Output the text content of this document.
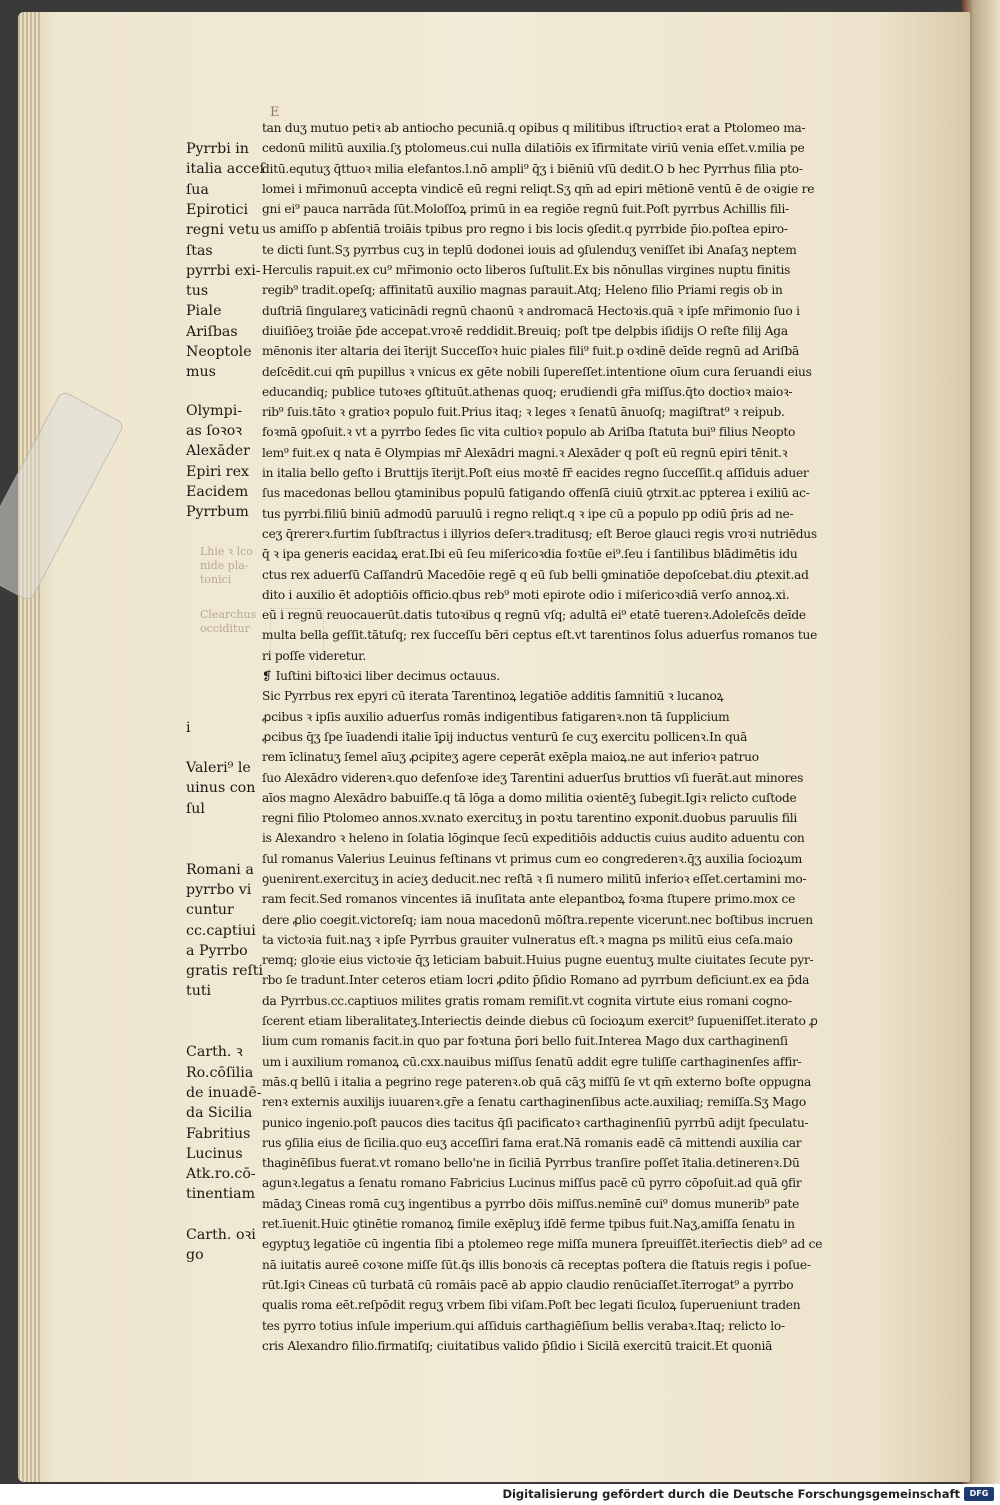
E
Lhie ꝛ lco
nide pla-
tonici
Clearchus
occiditur
Pyrrbi in
italia acceſ
ſua
Epirotici
regni vetu
ſtas
pyrrbi exi-
tus
Piale
Ariſbas
Neoptole
mus
Olympi-
as ſoꝛoꝛ
Alexāder
Epiri rex
Eacidem
Pyrrbum
i
Valeri⁹ le
uinus con
ſul
Romani a
pyrrbo vi
cuntur
cc.captiui
a Pyrrbo
gratis reſti
tuti
Carth. ꝛ
Ro.cōſilia
de inuadē-
da Sicilia
Fabritius
Lucinus
Atk.ro.cō-
tinentiam
Carth. oꝛi
go
tan duʒ mutuo petiꝛ ab antiocho pecuniā.q opibus q militibus iſtructioꝛ erat a Ptolomeo ma-
cedonū militū auxilia.ſʒ ptolomeus.cui nulla dilatiōis ex īfirmitate viriū venia eſſet.v.milia pe
ditū.equtuʒ q̄ttuoꝛ milia elefantos.l.nō ampli⁹ q̄ʒ i biēniū vſū dedit.O b hec Pyrrhus filia pto-
lomei i mr̄imonuū accepta vindicē eū regni reliqt.Sʒ qm̄ ad epiri mētionē ventū ē de oꝛigie re
gni ei⁹ pauca narrāda ſūt.Moloſſoꝝ primū in ea regiōe regnū fuit.Poſt pyrrbus Achillis fili-
us amiſſo p abſentiā troiāis tpibus pro regno i bis locis ꝯſedit.q pyrrbide p̄io.poſtea epiro-
te dicti ſunt.Sʒ pyrrbus cuʒ in teplū dodonei iouis ad ꝯſulenduʒ veniſſet ibi Anaſaʒ neptem
Herculis rapuit.ex cu⁹ mr̄imonio octo liberos ſuſtulit.Ex bis nōnullas virgines nuptu finitis
regib⁹ tradit.opeſq; affinitatū auxilio magnas parauit.Atq; Heleno filio Priami regis ob in
duſtriā ſingulareʒ vaticinādi regnū chaonū ꝛ andromacā Hectoꝛis.quā ꝛ ipſe mr̄imonio ſuo i
diuiſiōeʒ troiāe p̄de accepat.vroꝛē reddidit.Breuiq; poſt tpe delpbis iſidijs O reſte filij Aga
mēnonis iter altaria dei īterijt Succeſſoꝛ huic piales fili⁹ fuit.p oꝛdinē deīde regnū ad Ariſbā
deſcēdit.cui qm̄ pupillus ꝛ vnicus ex gēte nobili ſupereſſet.intentione oīum cura ſeruandi eius
educandiq; publice tutoꝛes ꝯſtituūt.athenas quoq; erudiendi gr̄a miſſus.q̄to doctioꝛ maioꝛ-
rib⁹ ſuis.tāto ꝛ gratioꝛ populo fuit.Prius itaq; ꝛ leges ꝛ ſenatū ānuoſq; magiſtrat⁹ ꝛ reipub.
foꝛmā ꝯpoſuit.ꝛ vt a pyrrbo ſedes ſic vita cultioꝛ populo ab Ariſba ſtatuta bui⁹ filius Neopto
lem⁹ fuit.ex q nata ē Olympias mr̄ Alexādri magni.ꝛ Alexāder q poſt eū regnū epiri tēnit.ꝛ
in italia bello geſto i Bruttijs īterijt.Poſt eius moꝛtē fr̄ eacides regno ſucceſſit.q aſſiduis aduer
ſus macedonas bellou ꝯtaminibus populū fatigando offenſā ciuiū ꝯtrxit.ac ppterea i exiliū ac-
tus pyrrbi.filiū biniū admodū paruulū i regno reliqt.q ꝛ ipe cū a populo pp odiū p̄ris ad ne-
ceʒ q̄rererꝛ.furtim ſubſtractus i illyrios deſerꝛ.traditusq; eſt Beroe glauci regis vroꝛi nutriēdus
q̄ ꝛ ipa generis eacidaꝝ erat.Ibi eū ſeu miſericoꝛdia foꝛtūe ei⁹.ſeu i ſantilibus blādimētis idu
ctus rex aduerſū Caſſandrū Macedōie regē q eū ſub belli ꝯminatiōe depoſcebat.diu ꝓtexit.ad
dito i auxilio ēt adoptiōis officio.qbus reb⁹ moti epirote odio i miſericoꝛdiā verſo annoꝝ.xi.
eū i regnū reuocauerūt.datis tutoꝛibus q regnū vſq; adultā ei⁹ etatē tuerenꝛ.Adoleſcēs deīde
multa bella geſſit.tātuſq; rex ſucceſſu bēri ceptus eſt.vt tarentinos ſolus aduerſus romanos tue
ri poſſe videretur.
❡ Iuſtini biſtoꝛici liber decimus octauus.
Sic Pyrrbus rex epyri cū iterata Tarentinoꝝ legatiōe additis ſamnitiū ꝛ lucanoꝝ
ꝓcibus ꝛ ipſis auxilio aduerſus romās indigentibus fatigarenꝛ.non tā ſupplicium
ꝓcibus q̄ʒ ſpe īuadendi italie īꝑij inductus venturū ſe cuʒ exercitu pollicenꝛ.In quā
rem īclinatuʒ ſemel aīuʒ ꝓcipiteʒ agere ceperāt exēpla maioꝝ.ne aut inferioꝛ patruo
ſuo Alexādro viderenꝛ.quo defenſoꝛe ideʒ Tarentini aduerſus bruttios vſi fuerāt.aut minores
aīos magno Alexādro babuiſſe.q tā lōga a domo militia oꝛientēʒ ſubegit.Igiꝛ relicto cuſtode
regni filio Ptolomeo annos.xv.nato exercituʒ in poꝛtu tarentino exponit.duobus paruulis fili
is Alexandro ꝛ heleno in ſolatia lōginque ſecū expeditiōis adductis cuius audito aduentu con
ſul romanus Valerius Leuinus feſtinans vt primus cum eo congrederenꝛ.q̄ʒ auxilia ſocioꝝum
ꝯuenirent.exercituʒ in acieʒ deducit.nec reſtā ꝛ ſi numero militū inferioꝛ eſſet.certamini mo-
ram fecit.Sed romanos vincentes iā inuſitata ante elepantboꝝ foꝛma ſtupere primo.mox ce
dere ꝓlio coegit.victoreſq; iam noua macedonū mōſtra.repente vicerunt.nec boſtibus incruen
ta victoꝛia fuit.naʒ ꝛ ipſe Pyrrbus grauiter vulneratus eſt.ꝛ magna ps militū eius ceſa.maio
remq; gloꝛie eius victoꝛie q̄ʒ leticiam babuit.Huius pugne euentuʒ multe ciuitates ſecute pyr-
rbo ſe tradunt.Inter ceteros etiam locri ꝓdito p̄ſidio Romano ad pyrrbum deficiunt.ex ea p̄da
da Pyrrbus.cc.captiuos milites gratis romam remiſit.vt cognita virtute eius romani cogno-
ſcerent etiam liberalitateʒ.Interiectis deinde diebus cū ſocioꝝum exercit⁹ ſupueniſſet.iterato ꝓ
lium cum romanis facit.in quo par foꝛtuna p̄ori bello fuit.Interea Mago dux carthaginenſi
um i auxilium romanoꝝ cū.cxx.nauibus miſſus ſenatū addit egre tuliſſe carthaginenſes affir-
mās.q bellū i italia a pegrino rege paterenꝛ.ob quā cāʒ miſſū ſe vt qm̄ externo boſte oppugna
renꝛ externis auxilijs iuuarenꝛ.gr̄e a ſenatu carthaginenſibus acte.auxiliaq; remiſſa.Sʒ Mago
punico ingenio.poſt paucos dies tacitus q̄ſi pacificatoꝛ carthaginenſiū pyrrbū adijt ſpeculatu-
rus ꝯſilia eius de ſicilia.quo euʒ acceſſiri fama erat.Nā romanis eadē cā mittendi auxilia car
thaginēſibus fuerat.vt romano bello'ne in ſiciliā Pyrrbus tranſire poſſet ītalia.detinerenꝛ.Dū
agunꝛ.legatus a ſenatu romano Fabricius Lucinus miſſus pacē cū pyrro cōpoſuit.ad quā ꝯfir
mādaʒ Cineas romā cuʒ ingentibus a pyrrbo dōis miſſus.nemīnē cui⁹ domus munerib⁹ pate
ret.īuenit.Huic ꝯtinētie romanoꝝ ſimile exēpluʒ iſdē ferme tpibus fuit.Naʒ,amiſſa ſenatu in
egyptuʒ legatiōe cū ingentia ſibi a ptolemeo rege miſſa munera ſpreuiſſēt.iterīectis dieb⁹ ad ce
nā iuitatis aureē coꝛone miſſe ſūt.q̄s illis bonoꝛis cā receptas poſtera die ſtatuis regis i poſue-
rūt.Igiꝛ Cineas cū turbatā cū romāis pacē ab appio claudio renūciaſſet.īterrogat⁹ a pyrrbo
qualis roma eēt.reſpōdit reguʒ vrbem ſibi viſam.Poſt bec legati ſiculoꝝ ſuperueniunt traden
tes pyrro totius inſule imperium.qui aſſiduis carthagiēſium bellis verabaꝛ.Itaq; relicto lo-
cris Alexandro filio.firmatiſq; ciuitatibus valido p̄ſidio i Sicilā exercitū traicit.Et quoniā
Digitalisierung gefördert durch die Deutsche Forschungsgemeinschaft	DFG
